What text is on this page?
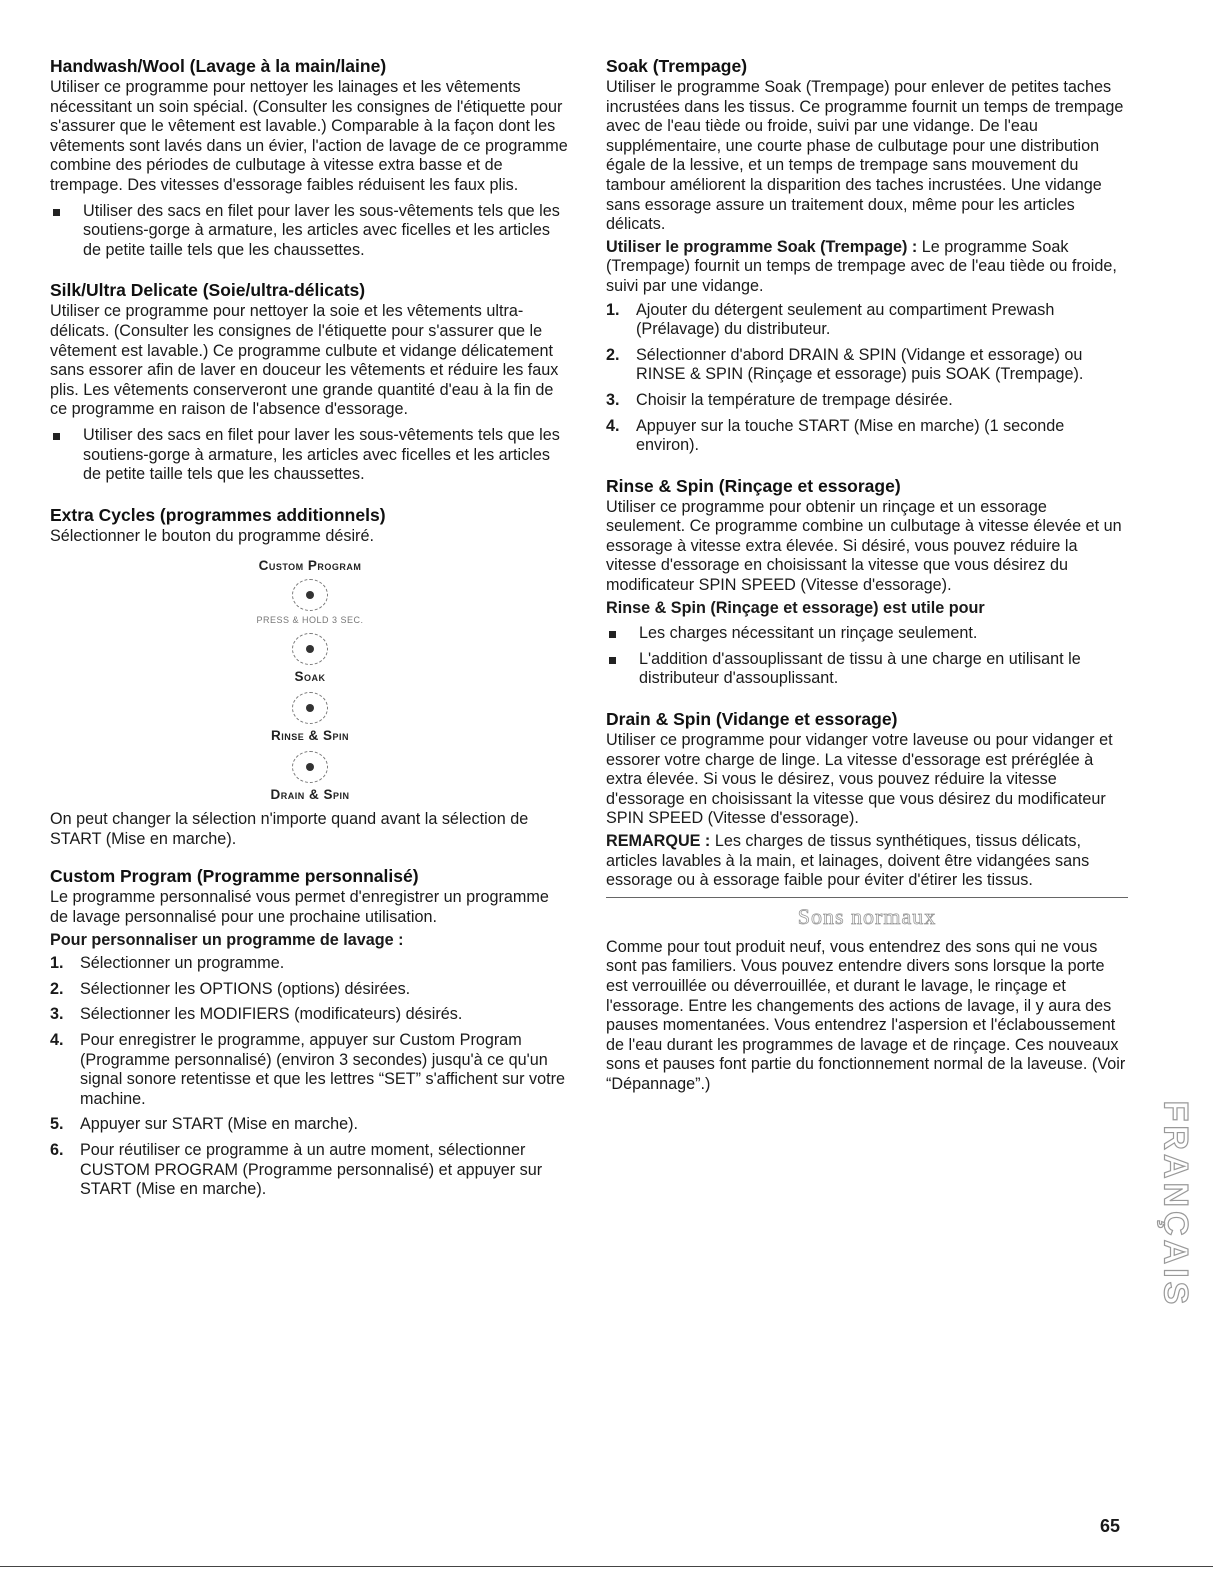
Handwash/Wool (Lavage à la main/laine)

Utiliser ce programme pour nettoyer les lainages et les vêtements nécessitant un soin spécial. (Consulter les consignes de l'étiquette pour s'assurer que le vêtement est lavable.) Comparable à la façon dont les vêtements sont lavés dans un évier, l'action de lavage de ce programme combine des périodes de culbutage à vitesse extra basse et de trempage. Des vitesses d'essorage faibles réduisent les faux plis.

Utiliser des sacs en filet pour laver les sous-vêtements tels que les soutiens-gorge à armature, les articles avec ficelles et les articles de petite taille tels que les chaussettes.
Silk/Ultra Delicate (Soie/ultra-délicats)

Utiliser ce programme pour nettoyer la soie et les vêtements ultra-délicats. (Consulter les consignes de l'étiquette pour s'assurer que le vêtement est lavable.) Ce programme culbute et vidange délicatement sans essorer afin de laver en douceur les vêtements et réduire les faux plis. Les vêtements conserveront une grande quantité d'eau à la fin de ce programme en raison de l'absence d'essorage.

Utiliser des sacs en filet pour laver les sous-vêtements tels que les soutiens-gorge à armature, les articles avec ficelles et les articles de petite taille tels que les chaussettes.
Extra Cycles (programmes additionnels)

Sélectionner le bouton du programme désiré.

Custom Program
PRESS & HOLD 3 SEC.
Soak
Rinse & Spin
Drain & Spin

On peut changer la sélection n'importe quand avant la sélection de START (Mise en marche).

Custom Program (Programme personnalisé)

Le programme personnalisé vous permet d'enregistrer un programme de lavage personnalisé pour une prochaine utilisation.

Pour personnaliser un programme de lavage :

1. Sélectionner un programme.
2. Sélectionner les OPTIONS (options) désirées.
3. Sélectionner les MODIFIERS (modificateurs) désirés.
4. Pour enregistrer le programme, appuyer sur Custom Program (Programme personnalisé) (environ 3 secondes) jusqu'à ce qu'un signal sonore retentisse et que les lettres “SET” s'affichent sur votre machine.
5. Appuyer sur START (Mise en marche).
6. Pour réutiliser ce programme à un autre moment, sélectionner CUSTOM PROGRAM (Programme personnalisé) et appuyer sur START (Mise en marche).
Soak (Trempage)

Utiliser le programme Soak (Trempage) pour enlever de petites taches incrustées dans les tissus. Ce programme fournit un temps de trempage avec de l'eau tiède ou froide, suivi par une vidange. De l'eau supplémentaire, une courte phase de culbutage pour une distribution égale de la lessive, et un temps de trempage sans mouvement du tambour améliorent la disparition des taches incrustées. Une vidange sans essorage assure un traitement doux, même pour les articles délicats.

Utiliser le programme Soak (Trempage) : Le programme Soak (Trempage) fournit un temps de trempage avec de l'eau tiède ou froide, suivi par une vidange.

1. Ajouter du détergent seulement au compartiment Prewash (Prélavage) du distributeur.
2. Sélectionner d'abord DRAIN & SPIN (Vidange et essorage) ou RINSE & SPIN (Rinçage et essorage) puis SOAK (Trempage).
3. Choisir la température de trempage désirée.
4. Appuyer sur la touche START (Mise en marche) (1 seconde environ).
Rinse & Spin (Rinçage et essorage)

Utiliser ce programme pour obtenir un rinçage et un essorage seulement. Ce programme combine un culbutage à vitesse élevée et un essorage à vitesse extra élevée. Si désiré, vous pouvez réduire la vitesse d'essorage en choisissant la vitesse que vous désirez du modificateur SPIN SPEED (Vitesse d'essorage).

Rinse & Spin (Rinçage et essorage) est utile pour

Les charges nécessitant un rinçage seulement.
L'addition d'assouplissant de tissu à une charge en utilisant le distributeur d'assouplissant.
Drain & Spin (Vidange et essorage)

Utiliser ce programme pour vidanger votre laveuse ou pour vidanger et essorer votre charge de linge. La vitesse d'essorage est préréglée à extra élevée. Si vous le désirez, vous pouvez réduire la vitesse d'essorage en choisissant la vitesse que vous désirez du modificateur SPIN SPEED (Vitesse d'essorage).

REMARQUE : Les charges de tissus synthétiques, tissus délicats, articles lavables à la main, et lainages, doivent être vidangées sans essorage ou à essorage faible pour éviter d'étirer les tissus.

Sons normaux

Comme pour tout produit neuf, vous entendrez des sons qui ne vous sont pas familiers. Vous pouvez entendre divers sons lorsque la porte est verrouillée ou déverrouillée, et durant le lavage, le rinçage et l'essorage. Entre les changements des actions de lavage, il y aura des pauses momentanées. Vous entendrez l'aspersion et l'éclaboussement de l'eau durant les programmes de lavage et de rinçage. Ces nouveaux sons et pauses font partie du fonctionnement normal de la laveuse. (Voir “Dépannage”.)

FRANÇAIS
65
